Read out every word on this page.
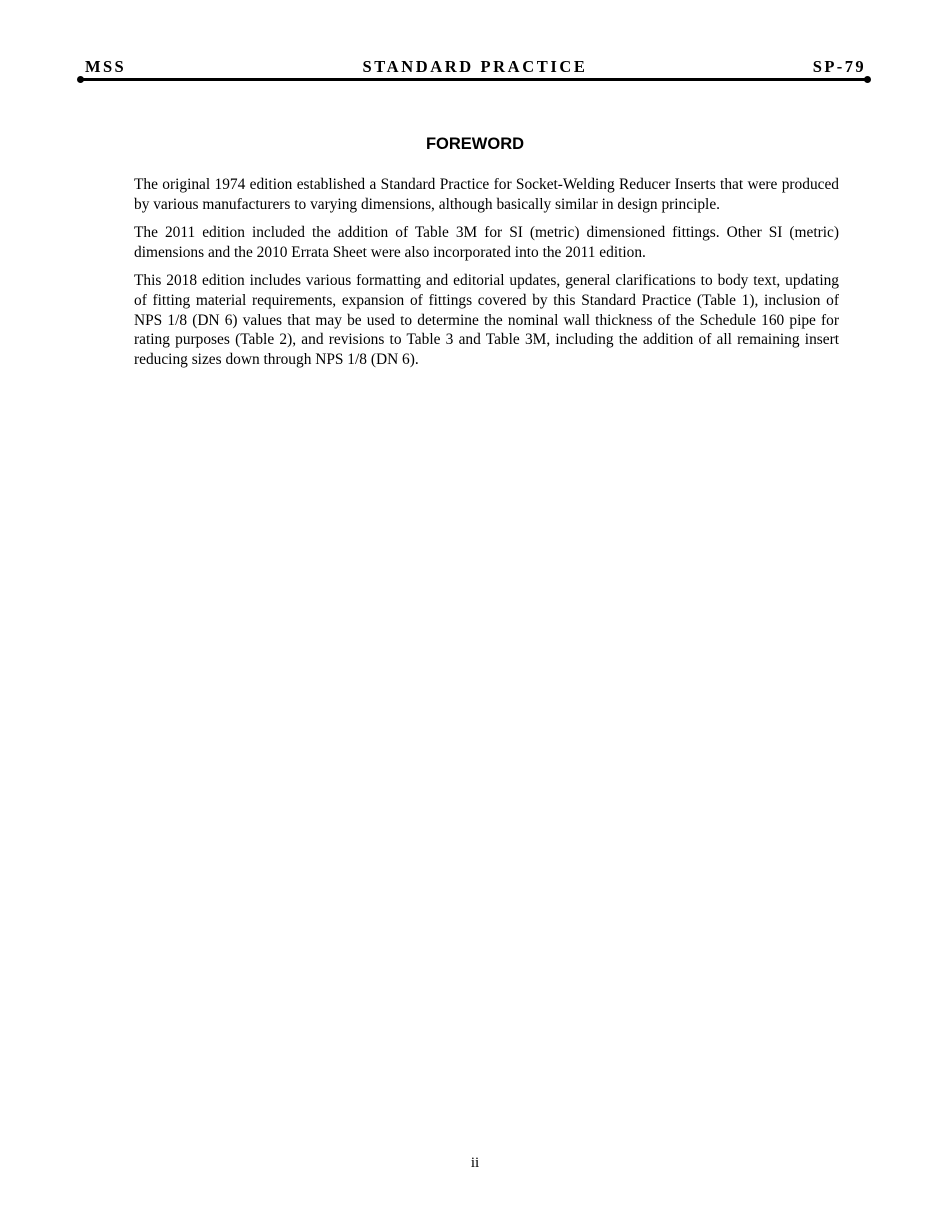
MSS	STANDARD PRACTICE	SP-79
FOREWORD

The original 1974 edition established a Standard Practice for Socket-Welding Reducer Inserts that were produced by various manufacturers to varying dimensions, although basically similar in design principle.

The 2011 edition included the addition of Table 3M for SI (metric) dimensioned fittings. Other SI (metric) dimensions and the 2010 Errata Sheet were also incorporated into the 2011 edition.

This 2018 edition includes various formatting and editorial updates, general clarifications to body text, updating of fitting material requirements, expansion of fittings covered by this Standard Practice (Table 1), inclusion of NPS 1/8 (DN 6) values that may be used to determine the nominal wall thickness of the Schedule 160 pipe for rating purposes (Table 2), and revisions to Table 3 and Table 3M, including the addition of all remaining insert reducing sizes down through NPS 1/8 (DN 6).

ii
